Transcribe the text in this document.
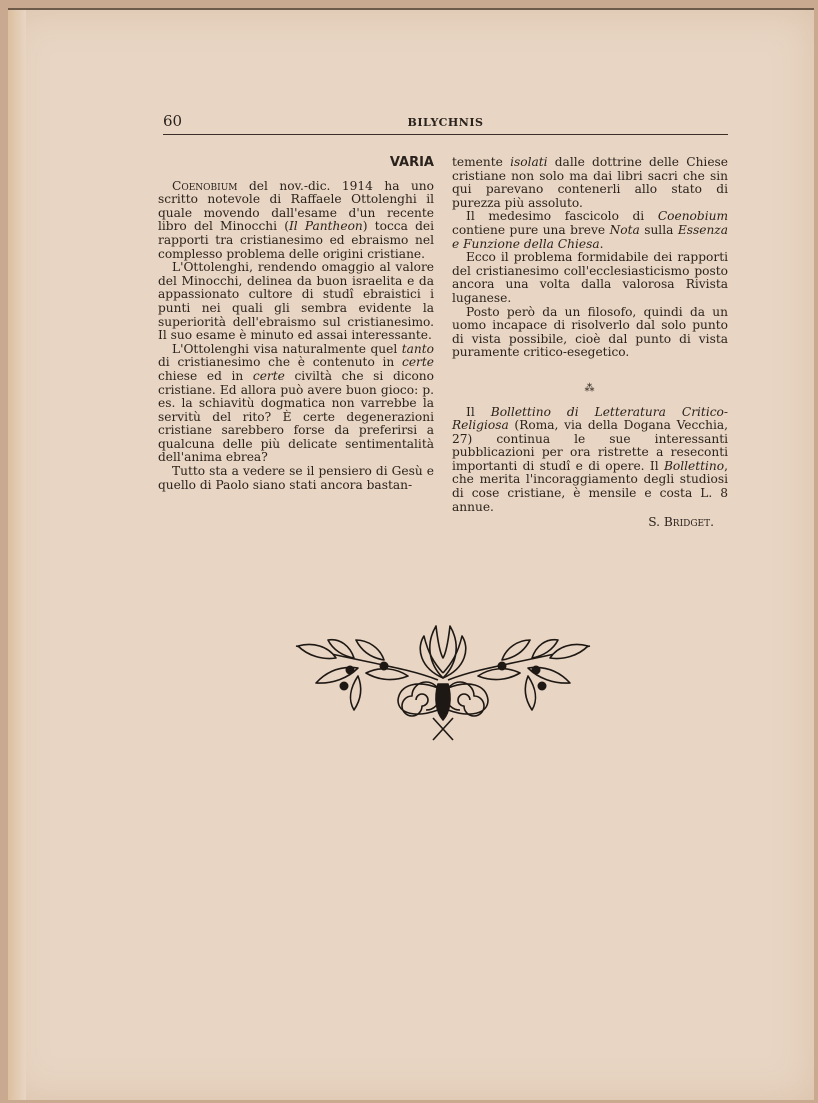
60	BILYCHNIS
VARIA

Coenobium del nov.-dic. 1914 ha uno scritto notevole di Raffaele Ottolenghi il quale movendo dall'esame d'un recente libro del Minocchi (Il Pantheon) tocca dei rapporti tra cristianesimo ed ebraismo nel complesso problema delle origini cristiane.

L'Ottolenghi, rendendo omaggio al valore del Minocchi, delinea da buon israelita e da appassionato cultore di studî ebraistici i punti nei quali gli sembra evidente la superiorità dell'ebraismo sul cristianesimo. Il suo esame è minuto ed assai interessante.

L'Ottolenghi visa naturalmente quel tanto di cristianesimo che è contenuto in certe chiese ed in certe civiltà che si dicono cristiane. Ed allora può avere buon gioco: p. es. la schiavitù dogmatica non varrebbe la servitù del rito? È certe degenerazioni cristiane sarebbero forse da preferirsi a qualcuna delle più delicate sentimentalità dell'anima ebrea?

Tutto sta a vedere se il pensiero di Gesù e quello di Paolo siano stati ancora bastan-

temente isolati dalle dottrine delle Chiese cristiane non solo ma dai libri sacri che sin qui parevano contenerli allo stato di purezza più assoluto.

Il medesimo fascicolo di Coenobium contiene pure una breve Nota sulla Essenza e Funzione della Chiesa.

Ecco il problema formidabile dei rapporti del cristianesimo coll'ecclesiasticismo posto ancora una volta dalla valorosa Rivista luganese.

Posto però da un filosofo, quindi da un uomo incapace di risolverlo dal solo punto di vista possibile, cioè dal punto di vista puramente critico-esegetico.

⁂

Il Bollettino di Letteratura Critico-Religiosa (Roma, via della Dogana Vecchia, 27) continua le sue interessanti pubblicazioni per ora ristrette a reseconti importanti di studî e di opere. Il Bollettino, che merita l'incoraggiamento degli studiosi di cose cristiane, è mensile e costa L. 8 annue.

S. Bridget.
